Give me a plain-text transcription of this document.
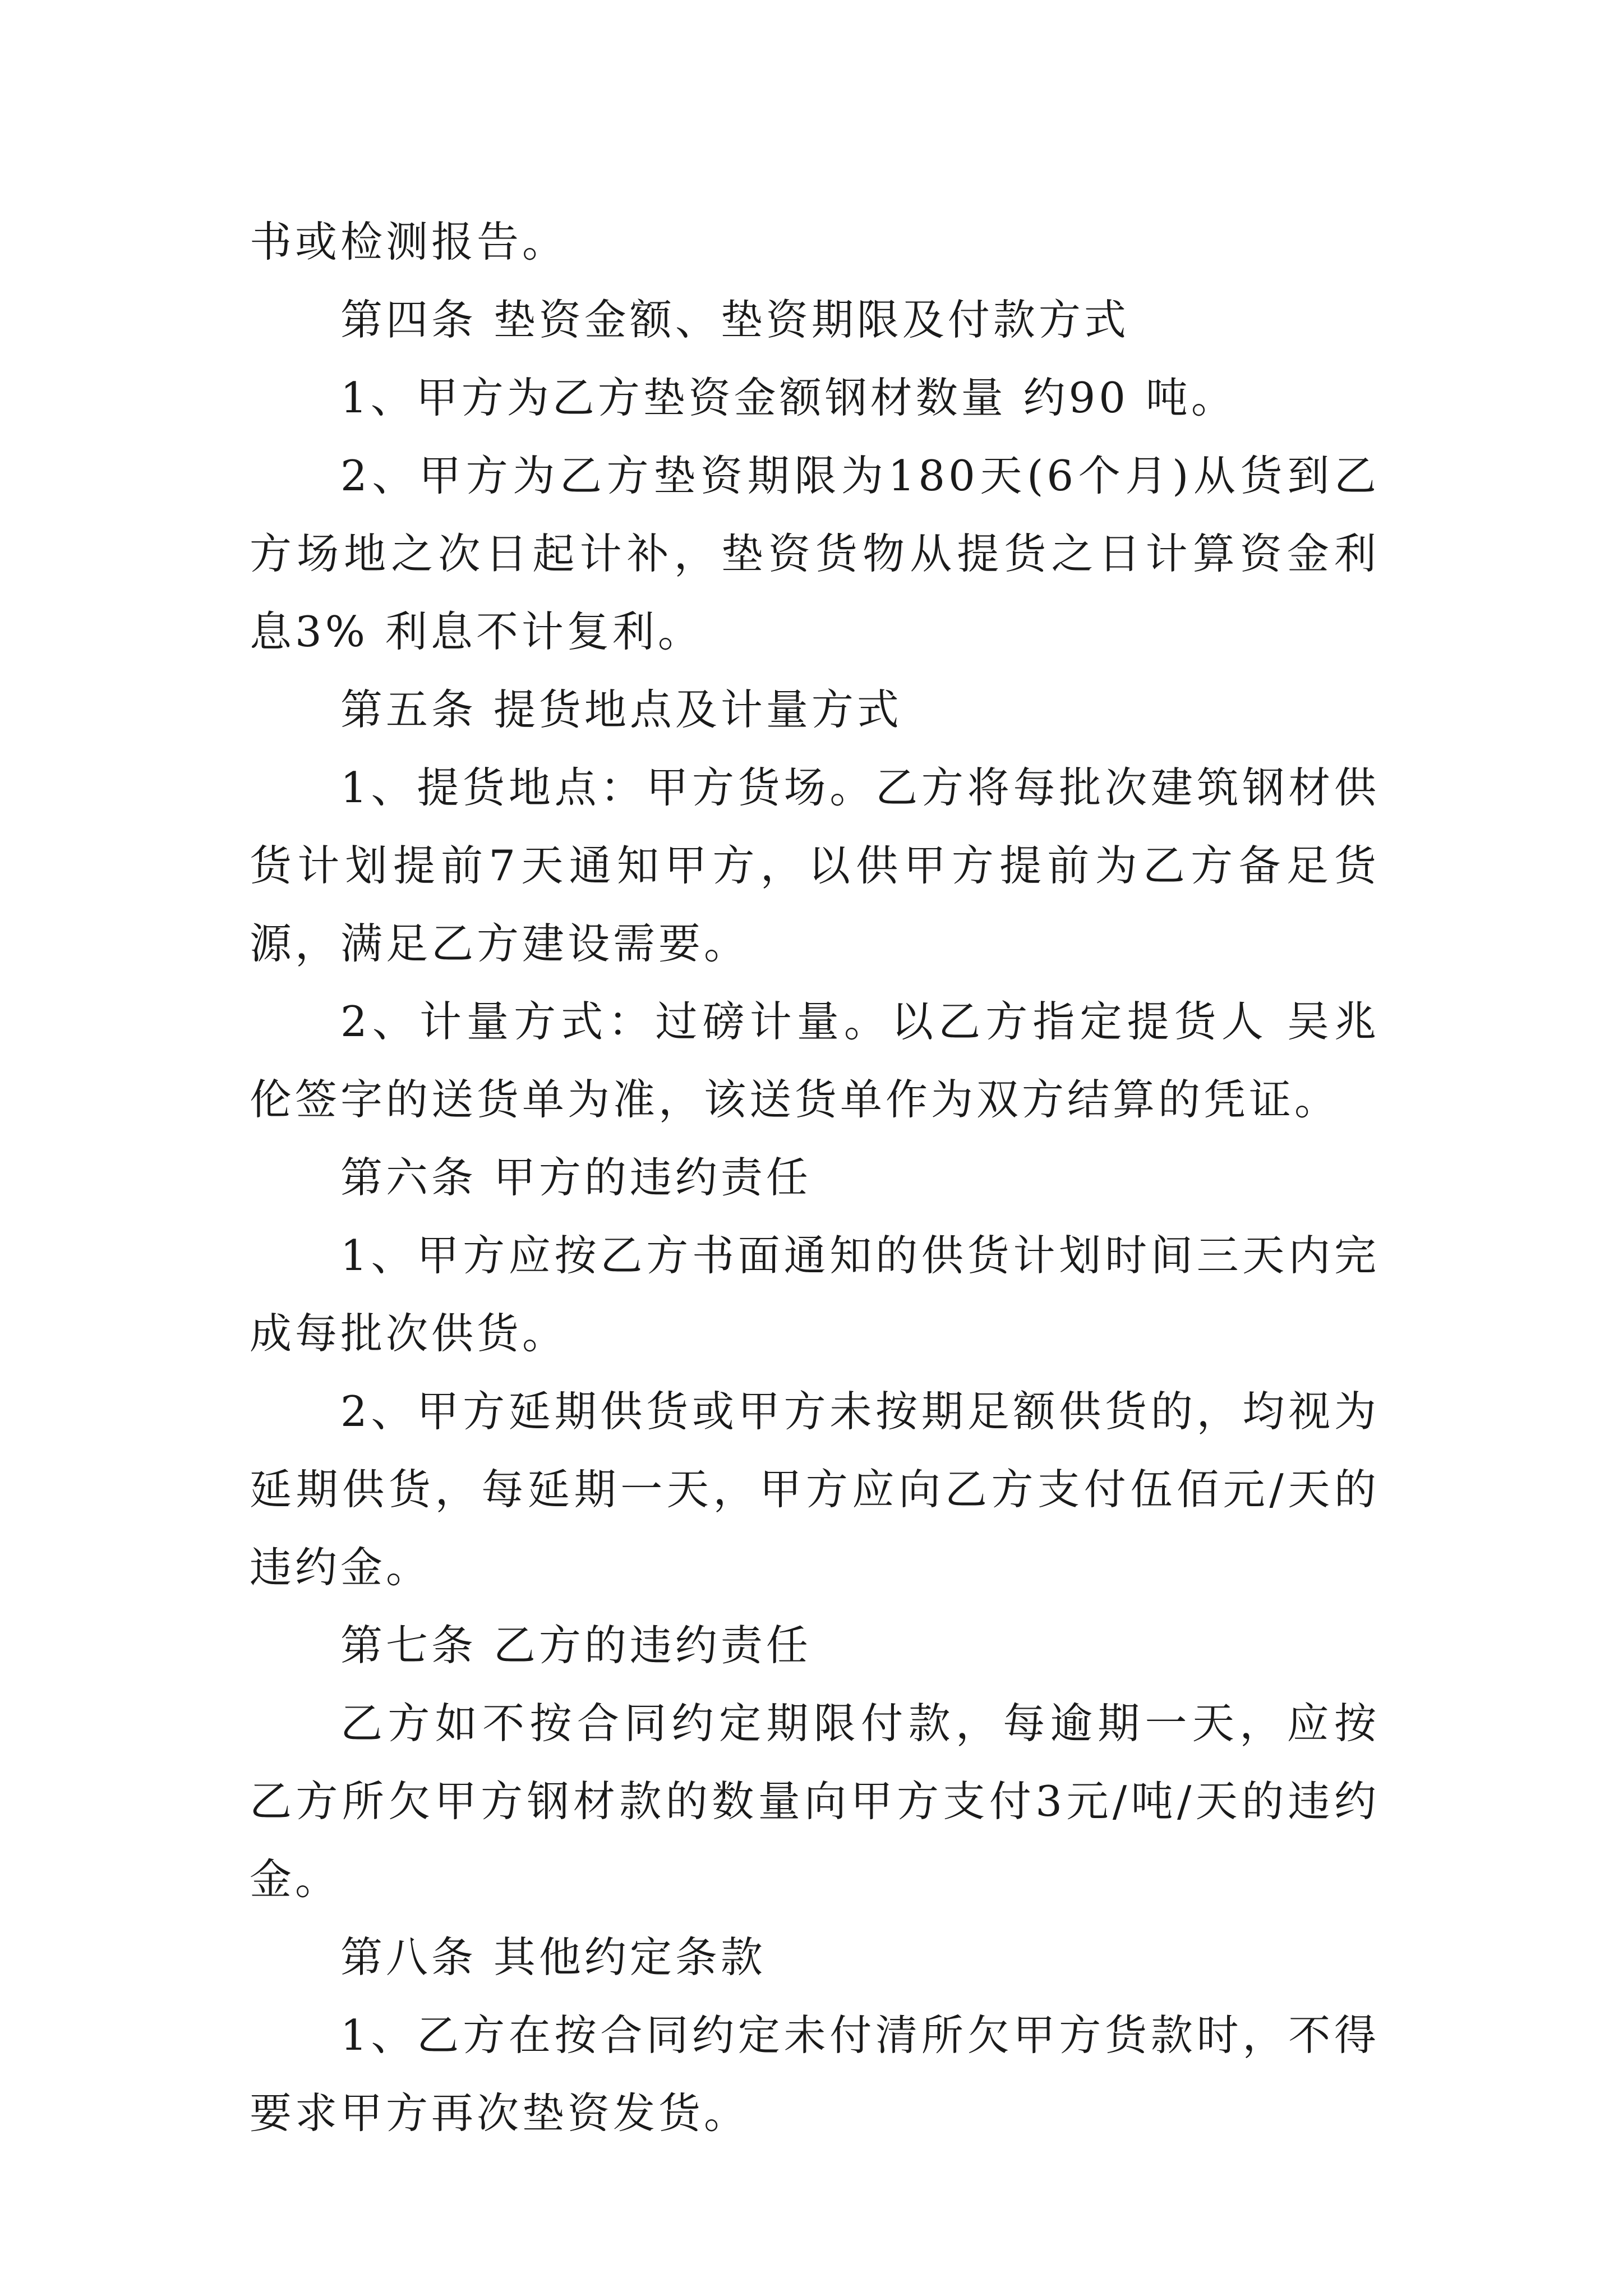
书或检测报告。

第四条 垫资金额、垫资期限及付款方式

1、甲方为乙方垫资金额钢材数量 约90 吨。

2、甲方为乙方垫资期限为180天(6个月)从货到乙方场地之次日起计补，垫资货物从提货之日计算资金利息3% 利息不计复利。

第五条 提货地点及计量方式

1、提货地点：甲方货场。乙方将每批次建筑钢材供货计划提前7天通知甲方，以供甲方提前为乙方备足货源，满足乙方建设需要。

2、计量方式：过磅计量。以乙方指定提货人 吴兆伦签字的送货单为准，该送货单作为双方结算的凭证。

第六条 甲方的违约责任

1、甲方应按乙方书面通知的供货计划时间三天内完成每批次供货。

2、甲方延期供货或甲方未按期足额供货的，均视为延期供货，每延期一天，甲方应向乙方支付伍佰元/天的违约金。

第七条 乙方的违约责任

乙方如不按合同约定期限付款，每逾期一天，应按乙方所欠甲方钢材款的数量向甲方支付3元/吨/天的违约金。

第八条 其他约定条款

1、乙方在按合同约定未付清所欠甲方货款时，不得要求甲方再次垫资发货。
